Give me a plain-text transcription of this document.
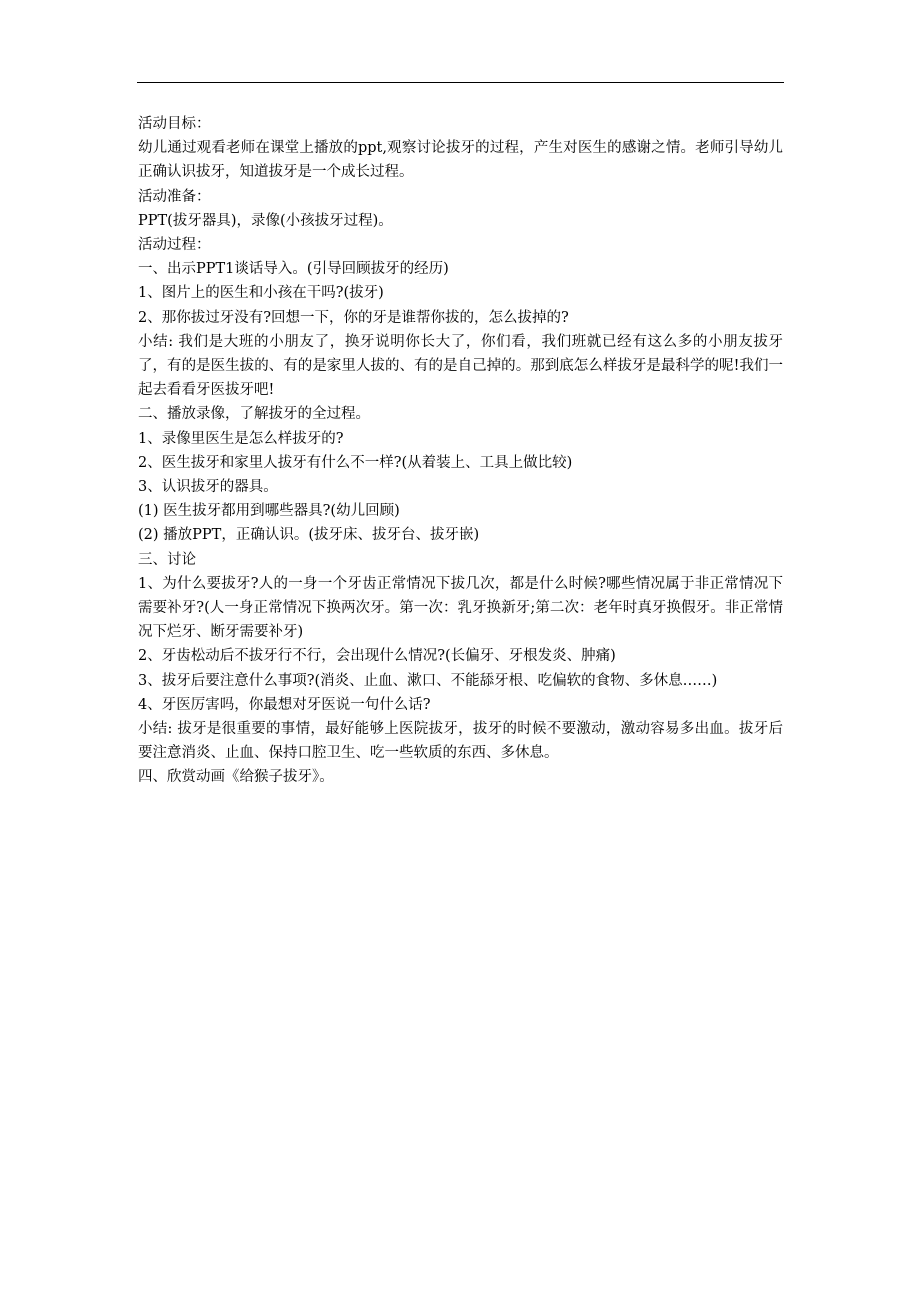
活动目标：
幼儿通过观看老师在课堂上播放的ppt,观察讨论拔牙的过程，产生对医生的感谢之情。老师引导幼儿正确认识拔牙，知道拔牙是一个成长过程。
活动准备：
PPT(拔牙器具)，录像(小孩拔牙过程)。
活动过程：
一、出示PPT1谈话导入。(引导回顾拔牙的经历)
1、图片上的医生和小孩在干吗?(拔牙)
2、那你拔过牙没有?回想一下，你的牙是谁帮你拔的，怎么拔掉的?
小结: 我们是大班的小朋友了，换牙说明你长大了，你们看，我们班就已经有这么多的小朋友拔牙了，有的是医生拔的、有的是家里人拔的、有的是自己掉的。那到底怎么样拔牙是最科学的呢!我们一起去看看牙医拔牙吧!
二、播放录像，了解拔牙的全过程。
1、录像里医生是怎么样拔牙的?
2、医生拔牙和家里人拔牙有什么不一样?(从着装上、工具上做比较)
3、认识拔牙的器具。
(1) 医生拔牙都用到哪些器具?(幼儿回顾)
(2) 播放PPT，正确认识。(拔牙床、拔牙台、拔牙嵌)
三、讨论
1、为什么要拔牙?人的一身一个牙齿正常情况下拔几次，都是什么时候?哪些情况属于非正常情况下需要补牙?(人一身正常情况下换两次牙。第一次：乳牙换新牙;第二次：老年时真牙换假牙。非正常情况下烂牙、断牙需要补牙)
2、牙齿松动后不拔牙行不行，会出现什么情况?(长偏牙、牙根发炎、肿痛)
3、拔牙后要注意什么事项?(消炎、止血、漱口、不能舔牙根、吃偏软的食物、多休息……)
4、牙医厉害吗，你最想对牙医说一句什么话?
小结: 拔牙是很重要的事情，最好能够上医院拔牙，拔牙的时候不要激动，激动容易多出血。拔牙后要注意消炎、止血、保持口腔卫生、吃一些软质的东西、多休息。
四、欣赏动画《给猴子拔牙》。
